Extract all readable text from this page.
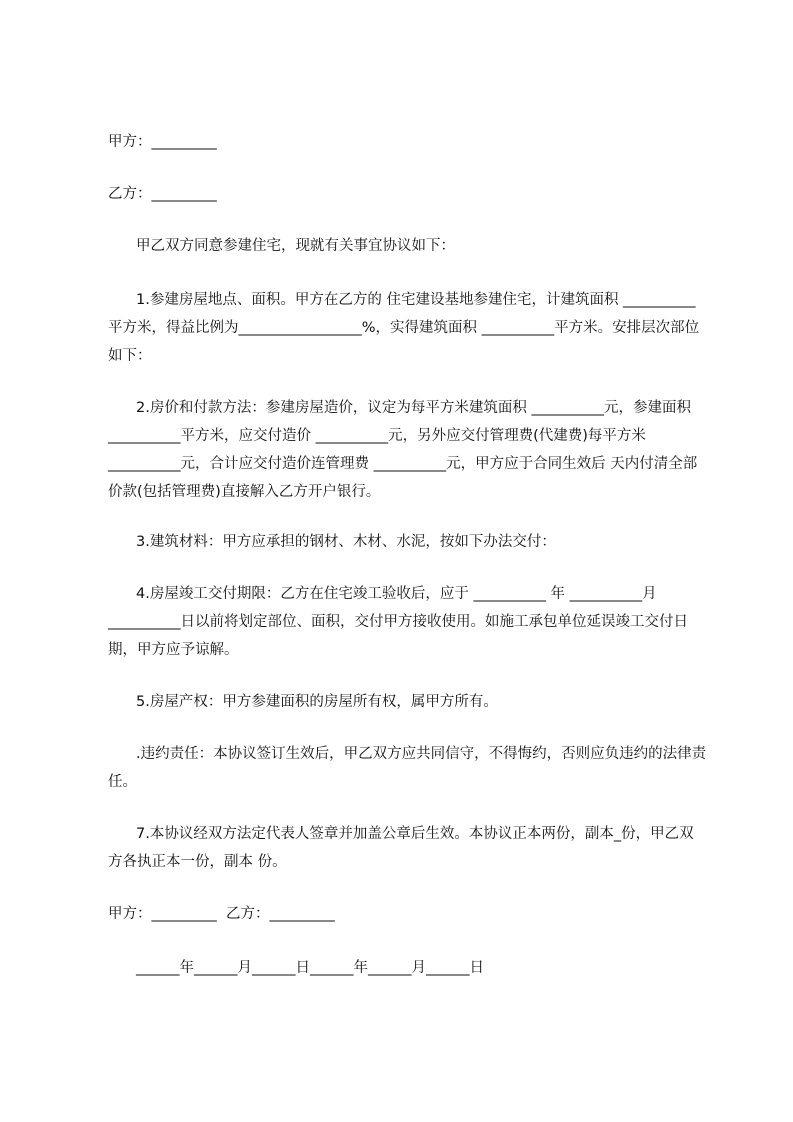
甲方：_________

乙方：_________

甲乙双方同意参建住宅，现就有关事宜协议如下：

1.参建房屋地点、面积。甲方在乙方的 住宅建设基地参建住宅，计建筑面积 __________平方米，得益比例为_________________%，实得建筑面积 __________平方米。安排层次部位如下：

2.房价和付款方法：参建房屋造价，议定为每平方米建筑面积 __________元，参建面积 __________平方米，应交付造价 __________元，另外应交付管理费(代建费)每平方米 __________元，合计应交付造价连管理费 __________元，甲方应于合同生效后 天内付清全部价款(包括管理费)直接解入乙方开户银行。

3.建筑材料：甲方应承担的钢材、木材、水泥，按如下办法交付：

4.房屋竣工交付期限：乙方在住宅竣工验收后，应于 __________ 年 __________月 __________日以前将划定部位、面积，交付甲方接收使用。如施工承包单位延误竣工交付日期，甲方应予谅解。

5.房屋产权：甲方参建面积的房屋所有权，属甲方所有。

.违约责任：本协议签订生效后，甲乙双方应共同信守，不得悔约，否则应负违约的法律责任。

7.本协议经双方法定代表人签章并加盖公章后生效。本协议正本两份，副本_份，甲乙双方各执正本一份，副本 份。

甲方：_________  乙方：_________

______年______月______日______年______月______日
